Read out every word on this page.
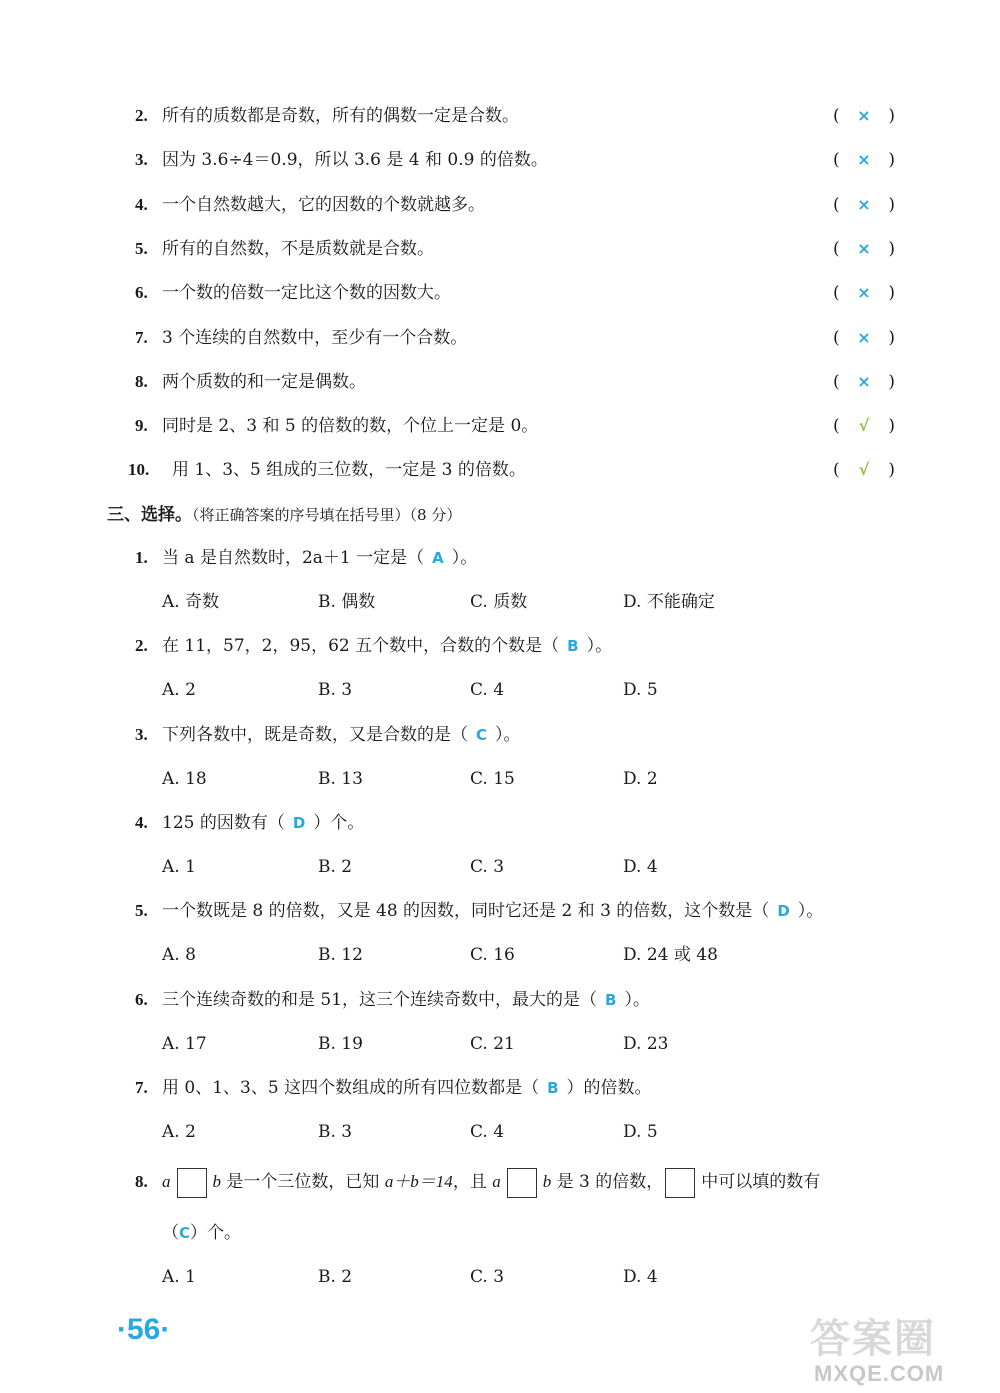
2. 所有的质数都是奇数，所有的偶数一定是合数。	(	×	)
3. 因为 3.6÷4＝0.9，所以 3.6 是 4 和 0.9 的倍数。	(	×	)
4. 一个自然数越大，它的因数的个数就越多。	(	×	)
5. 所有的自然数，不是质数就是合数。	(	×	)
6. 一个数的倍数一定比这个数的因数大。	(	×	)
7. 3 个连续的自然数中，至少有一个合数。	(	×	)
8. 两个质数的和一定是偶数。	(	×	)
9. 同时是 2、3 和 5 的倍数的数，个位上一定是 0。	(	√	)
10. 用 1、3、5 组成的三位数，一定是 3 的倍数。	(	√	)
三、选择。（将正确答案的序号填在括号里）（8 分）
1. 当 a 是自然数时，2a＋1 一定是（ A ）。
A. 奇数	B. 偶数	C. 质数	D. 不能确定
2. 在 11，57，2，95，62 五个数中，合数的个数是（ B ）。
A. 2	B. 3	C. 4	D. 5
3. 下列各数中，既是奇数，又是合数的是（ C ）。
A. 18	B. 13	C. 15	D. 2
4. 125 的因数有（ D ）个。
A. 1	B. 2	C. 3	D. 4
5. 一个数既是 8 的倍数，又是 48 的因数，同时它还是 2 和 3 的倍数，这个数是（ D ）。
A. 8	B. 12	C. 16	D. 24 或 48
6. 三个连续奇数的和是 51，这三个连续奇数中，最大的是（ B ）。
A. 17	B. 19	C. 21	D. 23
7. 用 0、1、3、5 这四个数组成的所有四位数都是（ B ）的倍数。
A. 2	B. 3	C. 4	D. 5
8. a b 是一个三位数，已知 a＋b＝14，且 a b 是 3 的倍数， 中可以填的数有
（C）个。
A. 1	B. 2	C. 3	D. 4
·56·	答案圈
MXQE.COM
